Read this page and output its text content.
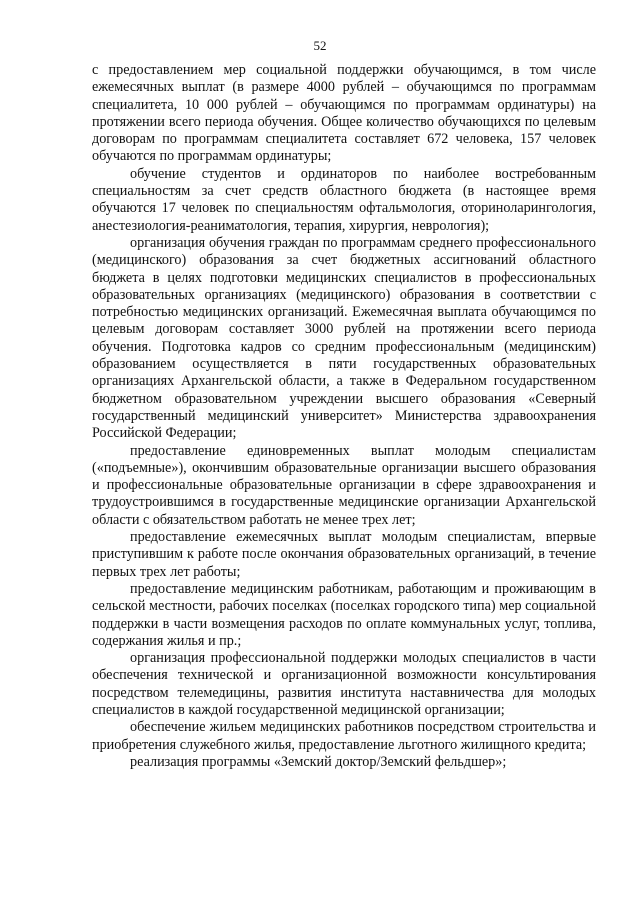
52

с предоставлением мер социальной поддержки обучающимся, в том числе ежемесячных выплат (в размере 4000 рублей – обучающимся по программам специалитета, 10 000 рублей – обучающимся по программам ординатуры) на протяжении всего периода обучения. Общее количество обучающихся по целевым договорам по программам специалитета составляет 672 человека, 157 человек обучаются по программам ординатуры;

обучение студентов и ординаторов по наиболее востребованным специальностям за счет средств областного бюджета (в настоящее время обучаются 17 человек по специальностям офтальмология, оториноларингология, анестезиология-реаниматология, терапия, хирургия, неврология);

организация обучения граждан по программам среднего профессионального (медицинского) образования за счет бюджетных ассигнований областного бюджета в целях подготовки медицинских специалистов в профессиональных образовательных организациях (медицинского) образования в соответствии с потребностью медицинских организаций. Ежемесячная выплата обучающимся по целевым договорам составляет 3000 рублей на протяжении всего периода обучения. Подготовка кадров со средним профессиональным (медицинским) образованием осуществляется в пяти государственных образовательных организациях Архангельской области, а также в Федеральном государственном бюджетном образовательном учреждении высшего образования «Северный государственный медицинский университет» Министерства здравоохранения Российской Федерации;

предоставление единовременных выплат молодым специалистам («подъемные»), окончившим образовательные организации высшего образования и профессиональные образовательные организации в сфере здравоохранения и трудоустроившимся в государственные медицинские организации Архангельской области с обязательством работать не менее трех лет;

предоставление ежемесячных выплат молодым специалистам, впервые приступившим к работе после окончания образовательных организаций, в течение первых трех лет работы;

предоставление медицинским работникам, работающим и проживающим в сельской местности, рабочих поселках (поселках городского типа) мер социальной поддержки в части возмещения расходов по оплате коммунальных услуг, топлива, содержания жилья и пр.;

организация профессиональной поддержки молодых специалистов в части обеспечения технической и организационной возможности консультирования посредством телемедицины, развития института наставничества для молодых специалистов в каждой государственной медицинской организации;

обеспечение жильем медицинских работников посредством строительства и приобретения служебного жилья, предоставление льготного жилищного кредита;

реализация программы «Земский доктор/Земский фельдшер»;
